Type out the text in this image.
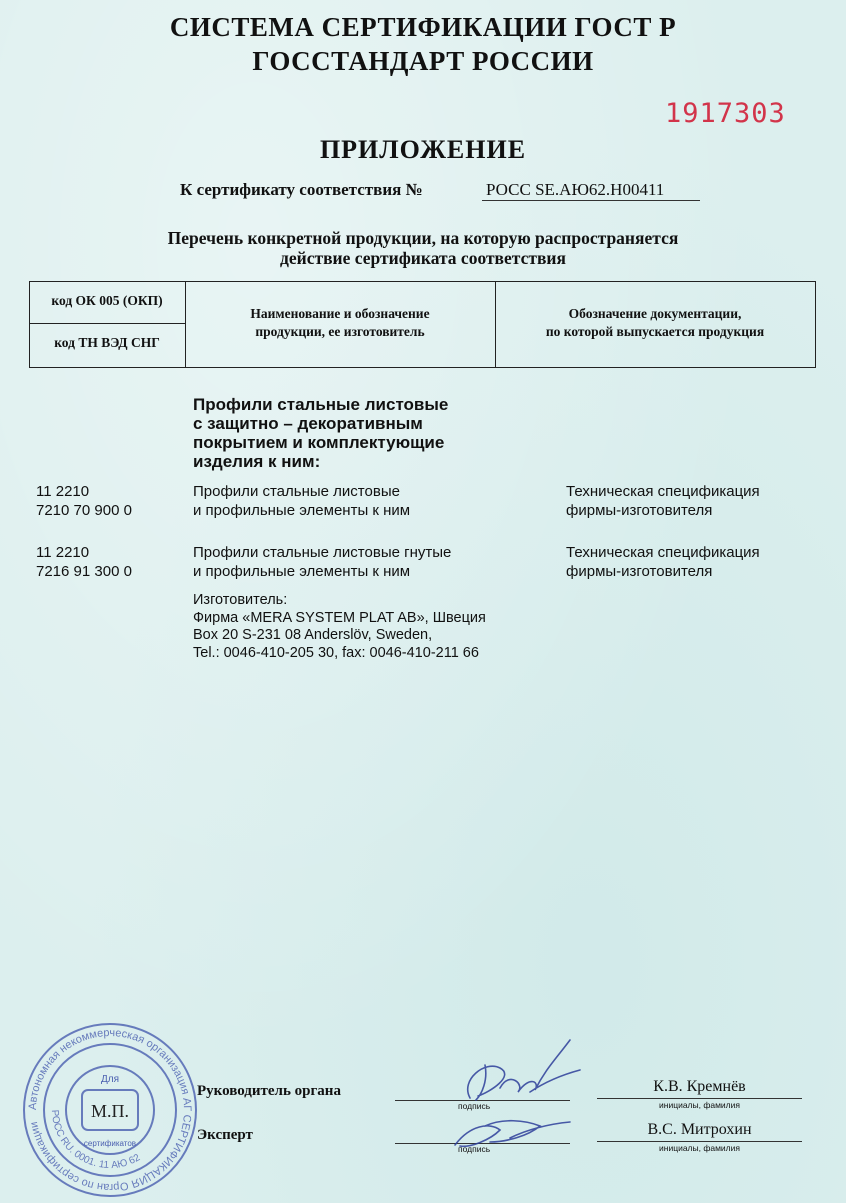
СИСТЕМА СЕРТИФИКАЦИИ ГОСТ Р
ГОССТАНДАРТ РОССИИ
1917303
ПРИЛОЖЕНИЕ
К сертификату соответствия №	РОСС SE.АЮ62.Н00411
Перечень конкретной продукции, на которую распространяется
действие сертификата соответствия
код ОК 005 (ОКП)
код ТН ВЭД СНГ
Наименование и обозначение
продукции, ее изготовитель
Обозначение документации,
по которой выпускается продукция
Профили стальные листовые
с защитно – декоративным
покрытием и комплектующие
изделия к ним:
11 2210
7210 70 900 0
Профили стальные листовые
и профильные элементы к ним
Техническая спецификация
фирмы-изготовителя
11 2210
7216 91 300 0
Профили стальные листовые гнутые
и профильные элементы к ним
Техническая спецификация
фирмы-изготовителя
Изготовитель:
Фирма «MERA SYSTEM PLAT AB», Швеция
Box 20 S-231 08 Anderslöv, Sweden,
Tel.: 0046-410-205 30, fax: 0046-410-211 66
Автономная некоммерческая организация АГ СЕРТИФИКАЦИЯ Орган по сертификации
РОСС RU. 0001. 11 АЮ 62
Для
сертификатов
М.П.
Руководитель органа
подпись
К.В. Кремнёв
инициалы, фамилия
Эксперт
подпись
В.С. Митрохин
инициалы, фамилия
